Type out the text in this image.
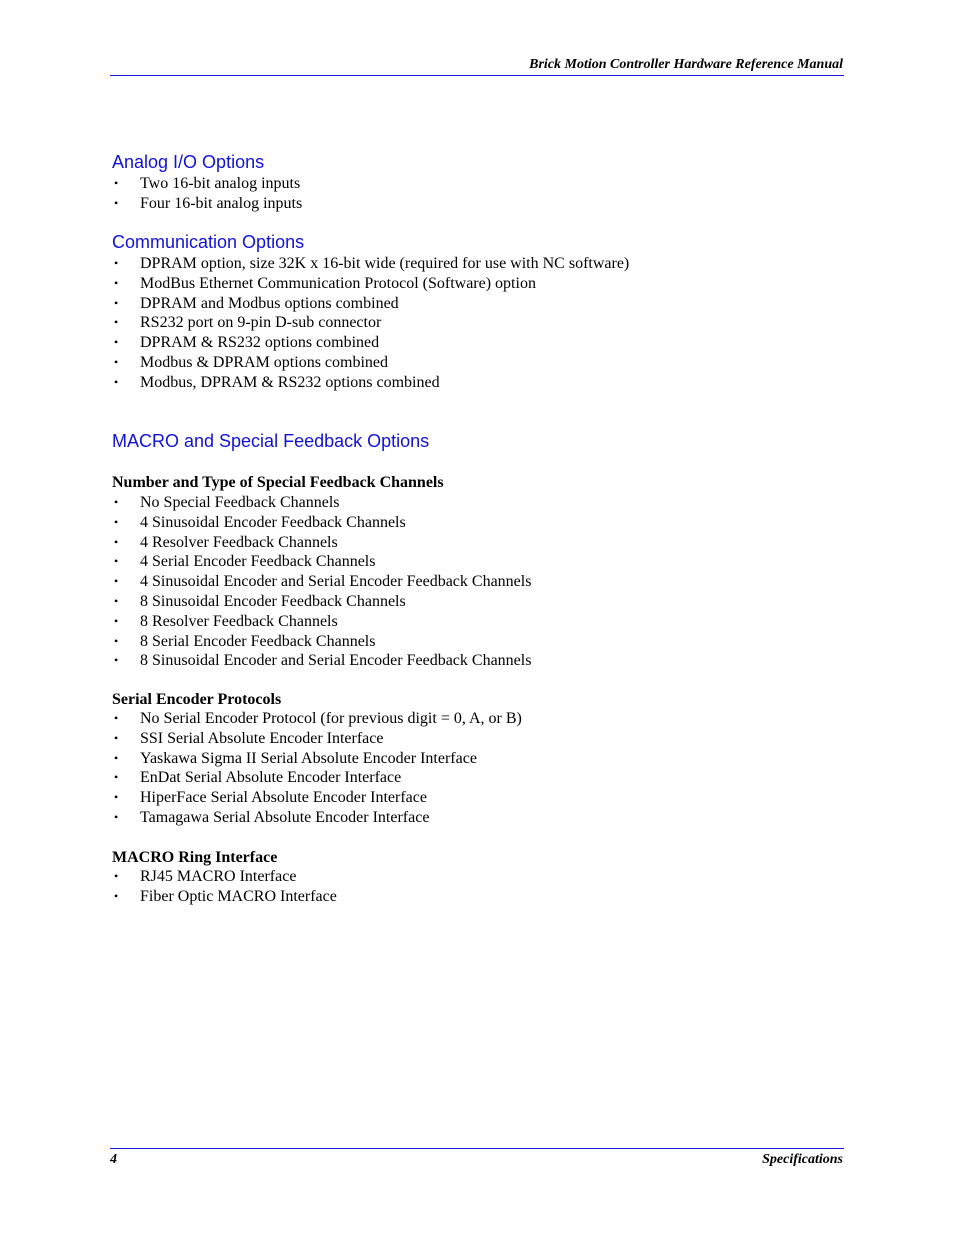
Brick Motion Controller Hardware Reference Manual
Analog I/O Options
• Two 16-bit analog inputs
• Four 16-bit analog inputs
Communication Options
• DPRAM option, size 32K x 16-bit wide (required for use with NC software)
• ModBus Ethernet Communication Protocol (Software) option
• DPRAM and Modbus options combined
• RS232 port on 9-pin D-sub connector
• DPRAM & RS232 options combined
• Modbus & DPRAM options combined
• Modbus, DPRAM & RS232 options combined
MACRO and Special Feedback Options
Number and Type of Special Feedback Channels
• No Special Feedback Channels
• 4 Sinusoidal Encoder Feedback Channels
• 4 Resolver Feedback Channels
• 4 Serial Encoder Feedback Channels
• 4 Sinusoidal Encoder and Serial Encoder Feedback Channels
• 8 Sinusoidal Encoder Feedback Channels
• 8 Resolver Feedback Channels
• 8 Serial Encoder Feedback Channels
• 8 Sinusoidal Encoder and Serial Encoder Feedback Channels
Serial Encoder Protocols
• No Serial Encoder Protocol (for previous digit = 0, A, or B)
• SSI Serial Absolute Encoder Interface
• Yaskawa Sigma II Serial Absolute Encoder Interface
• EnDat Serial Absolute Encoder Interface
• HiperFace Serial Absolute Encoder Interface
• Tamagawa Serial Absolute Encoder Interface
MACRO Ring Interface
• RJ45 MACRO Interface
• Fiber Optic MACRO Interface
4	Specifications
